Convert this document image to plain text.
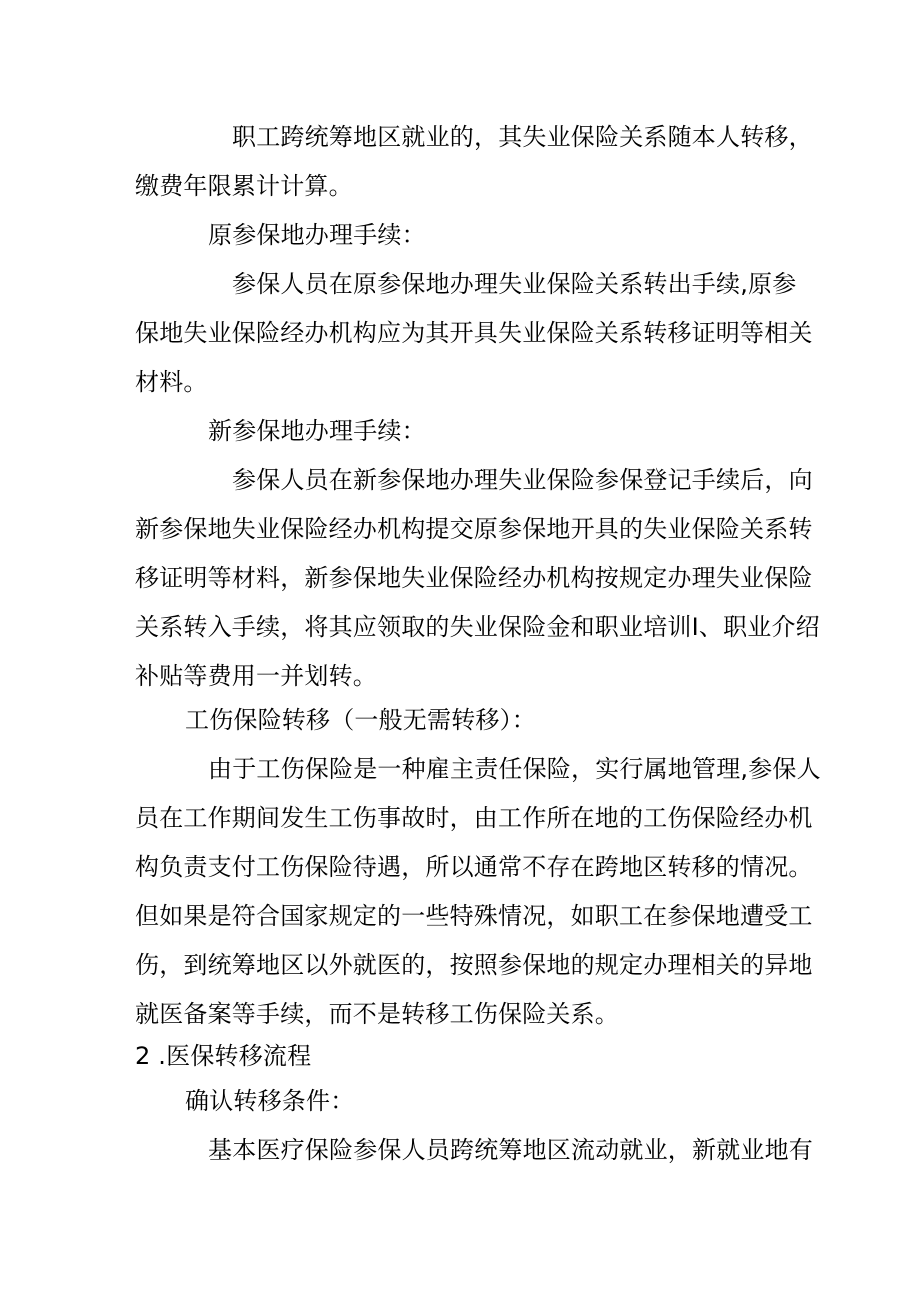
职工跨统筹地区就业的，其失业保险关系随本人转移，
缴费年限累计计算。
原参保地办理手续：
参保人员在原参保地办理失业保险关系转出手续,原参
保地失业保险经办机构应为其开具失业保险关系转移证明等相关
材料。
新参保地办理手续：
参保人员在新参保地办理失业保险参保登记手续后，向
新参保地失业保险经办机构提交原参保地开具的失业保险关系转
移证明等材料，新参保地失业保险经办机构按规定办理失业保险
关系转入手续，将其应领取的失业保险金和职业培训I、职业介绍
补贴等费用一并划转。
工伤保险转移（一般无需转移）：
由于工伤保险是一种雇主责任保险，实行属地管理,参保人
员在工作期间发生工伤事故时，由工作所在地的工伤保险经办机
构负责支付工伤保险待遇，所以通常不存在跨地区转移的情况。
但如果是符合国家规定的一些特殊情况，如职工在参保地遭受工
伤，到统筹地区以外就医的，按照参保地的规定办理相关的异地
就医备案等手续，而不是转移工伤保险关系。
2 .医保转移流程
确认转移条件：
基本医疗保险参保人员跨统筹地区流动就业，新就业地有
